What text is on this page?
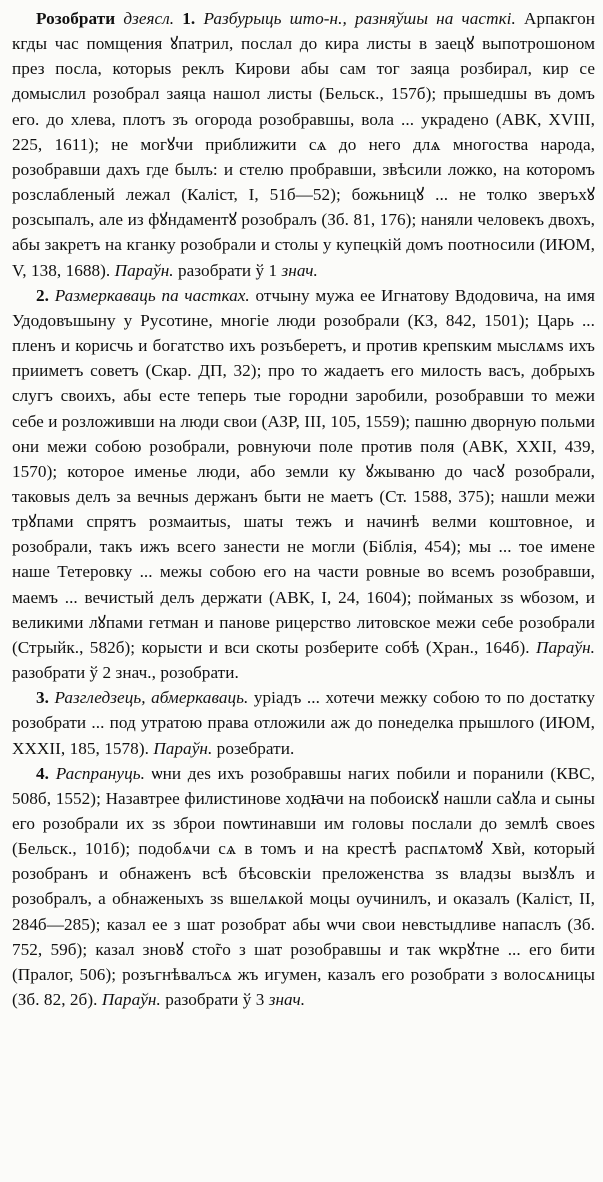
Розобрати дзеясл. 1. Разбурыць што-н., разняўшы на часткі. Арпакгон кгды час помщения ꙋпатрил, послал до кира листы в заецꙋ выпотрошоном през посла, которыѕ реклъ Кирови абы сам тог заяца розбирал, кир се домыслил розобрал заяца нашол листы (Бельск., 157б); прышедшы въ домъ его. до хлева, плотъ зъ огорода розобравшы, вола ... украдено (АВК, XVIII, 225, 1611); не могꙋчи приближити сѧ до него длѧ многоства народа, розобравши дахъ где былъ: и стелю пробравши, звѣсили ложко, на которомъ розслабленый лежал (Каліст, I, 51б—52); божьницꙋ ... не толко зверъхꙋ розсыпалъ, але из фꙋндаментꙋ розобралъ (Зб. 81, 176); наняли человекъ двохъ, абы закретъ на кганку розобрали и столы у купецкій домъ поотносили (ИЮМ, V, 138, 1688). Параўн. разобрати ў 1 знач.

2. Размеркаваць па частках. отчыну мужа ее Игнатову Вдодовича, на имя Удодовъшыну у Русотине, многіе люди розобрали (КЗ, 842, 1501); Царь ... пленъ и корисчь и богатство ихъ розъберетъ, и против крепѕким мыслѧмѕ ихъ прииметъ советъ (Скар. ДП, 32); про то жадаетъ его милость васъ, добрыхъ слугъ своихъ, абы есте теперь тые городни заробили, розобравши то межи себе и розложивши на люди свои (АЗР, III, 105, 1559); пашню дворную польми они межи собою розобрали, ровнуючи поле против поля (АВК, XXII, 439, 1570); которое именье люди, або земли ку ꙋжываню до часꙋ розобрали, таковыѕ делъ за вечныѕ держанъ быти не маетъ (Ст. 1588, 375); нашли межи трꙋпами спрятъ розмаитыѕ, шаты тежъ и начинѣ велми коштовное, и розобрали, такъ ижъ всего занести не могли (Біблія, 454); мы ... тое имене наше Тетеровку ... межы собою его на части ровные во всемъ розобравши, маемъ ... вечистый делъ держати (АВК, I, 24, 1604); пойманых зѕ ѡбозом, и великими лꙋпами гетман и панове рицерство литовское межи себе розобрали (Стрыйк., 582б); корысти и вси скоты розберите собѣ (Хран., 164б). Параўн. разобрати ў 2 знач., розобрати.

3. Разгледзець, абмеркаваць. уріадъ ... хотечи межку собою то по достатку розобрати ... под утратою права отложили аж до понеделка прышлого (ИЮМ, XXXII, 185, 1578). Параўн. розебрати.

4. Распрануць. ѡни деѕ ихъ розобравшы нагих побили и поранили (КВС, 508б, 1552); Назавтрее филистинове ходꙗчи на побоискꙋ нашли саꙋла и сыны его розобрали их зѕ зброи поѡтинавши им головы послали до землѣ своеѕ (Бельск., 101б); подобѧчи сѧ в томъ и на крестѣ распѧтомꙋ Хвѝ, который розобранъ и обнаженъ всѣ бѣсовскіи преложенства зѕ владзы вызꙋлъ и розобралъ, а обнаженыхъ зѕ вшелѧкой моцы оучинилъ, и оказалъ (Каліст, II, 284б—285); казал ее з шат розобрат абы ѡчи свои невстыдливе напаслъ (Зб. 752, 59б); казал зновꙋ сто̃го з шат розобравшы и так ѡкрꙋтне ... его бити (Пралог, 506); розъгнѣвалъсѧ жъ игумен, казалъ его розобрати з волосѧницы (Зб. 82, 2б). Параўн. разобрати ў 3 знач.
